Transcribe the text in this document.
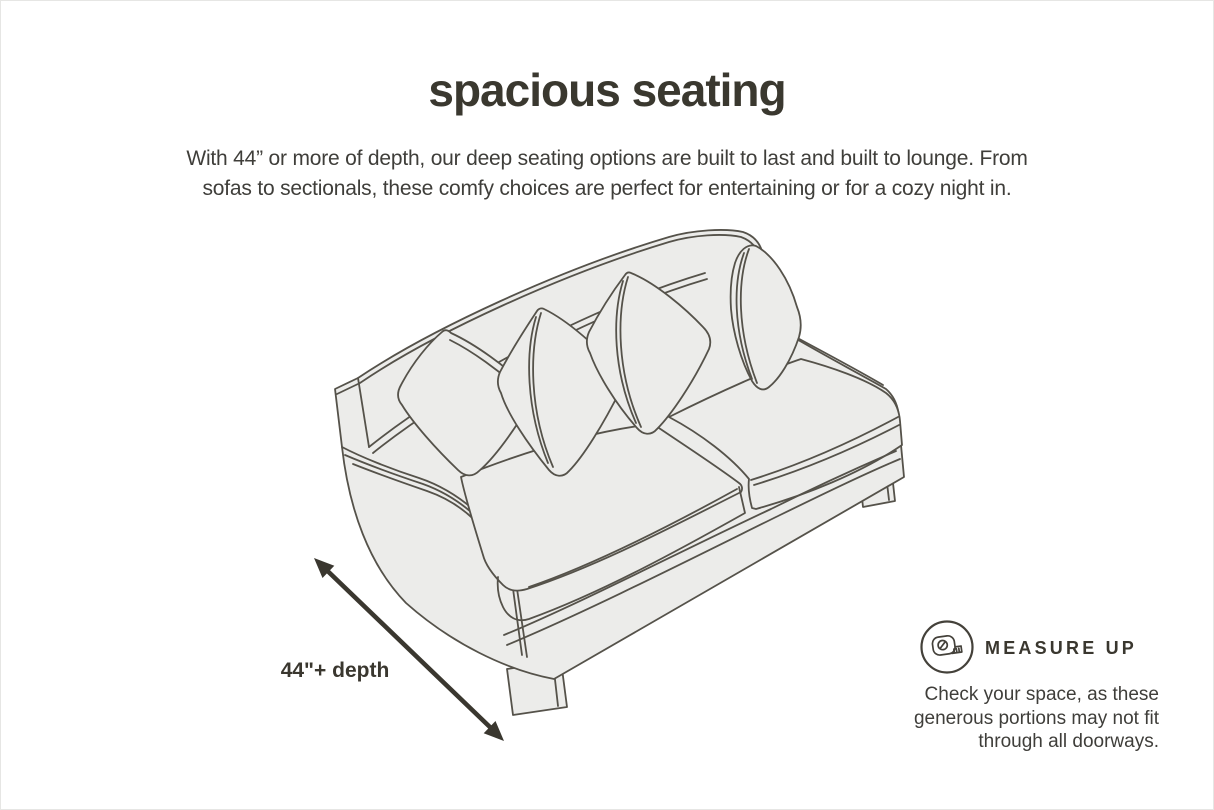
spacious seating
With 44” or more of depth, our deep seating options are built to last and built to lounge. From
sofas to sectionals, these comfy choices are perfect for entertaining or for a cozy night in.
44"+ depth
MEASURE UP
Check your space, as these
generous portions may not fit
through all doorways.
